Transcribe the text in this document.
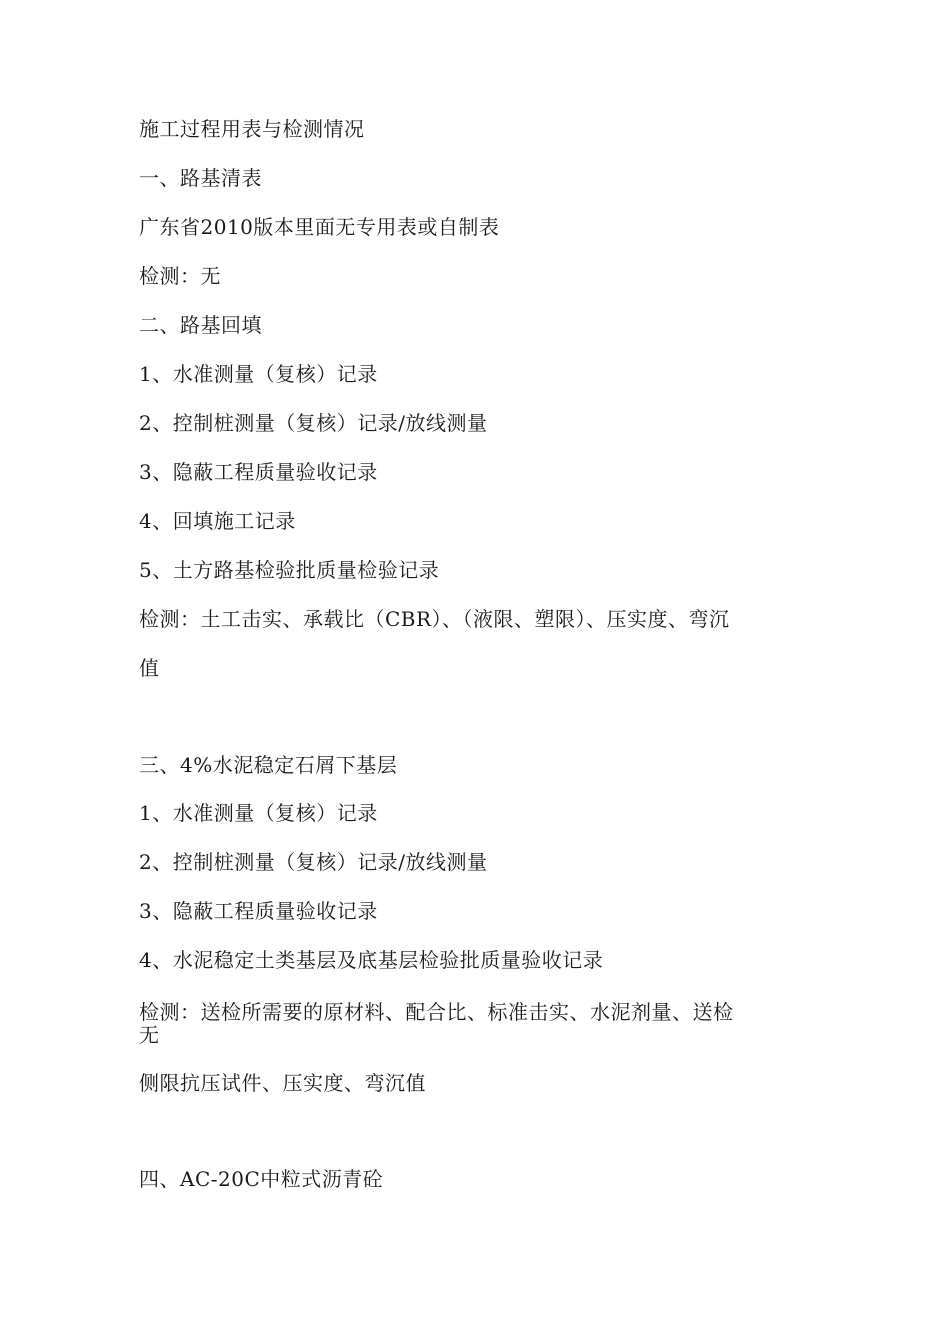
施工过程用表与检测情况

一、路基清表

广东省2010版本里面无专用表或自制表

检测：无

二、路基回填

1、水准测量（复核）记录

2、控制桩测量（复核）记录/放线测量

3、隐蔽工程质量验收记录

4、回填施工记录

5、土方路基检验批质量检验记录

检测：土工击实、承载比（CBR）、（液限、塑限）、压实度、弯沉

值

三、4%水泥稳定石屑下基层

1、水准测量（复核）记录

2、控制桩测量（复核）记录/放线测量

3、隐蔽工程质量验收记录

4、水泥稳定土类基层及底基层检验批质量验收记录

检测：送检所需要的原材料、配合比、标准击实、水泥剂量、送检

无

侧限抗压试件、压实度、弯沉值

四、AC-20C中粒式沥青砼
